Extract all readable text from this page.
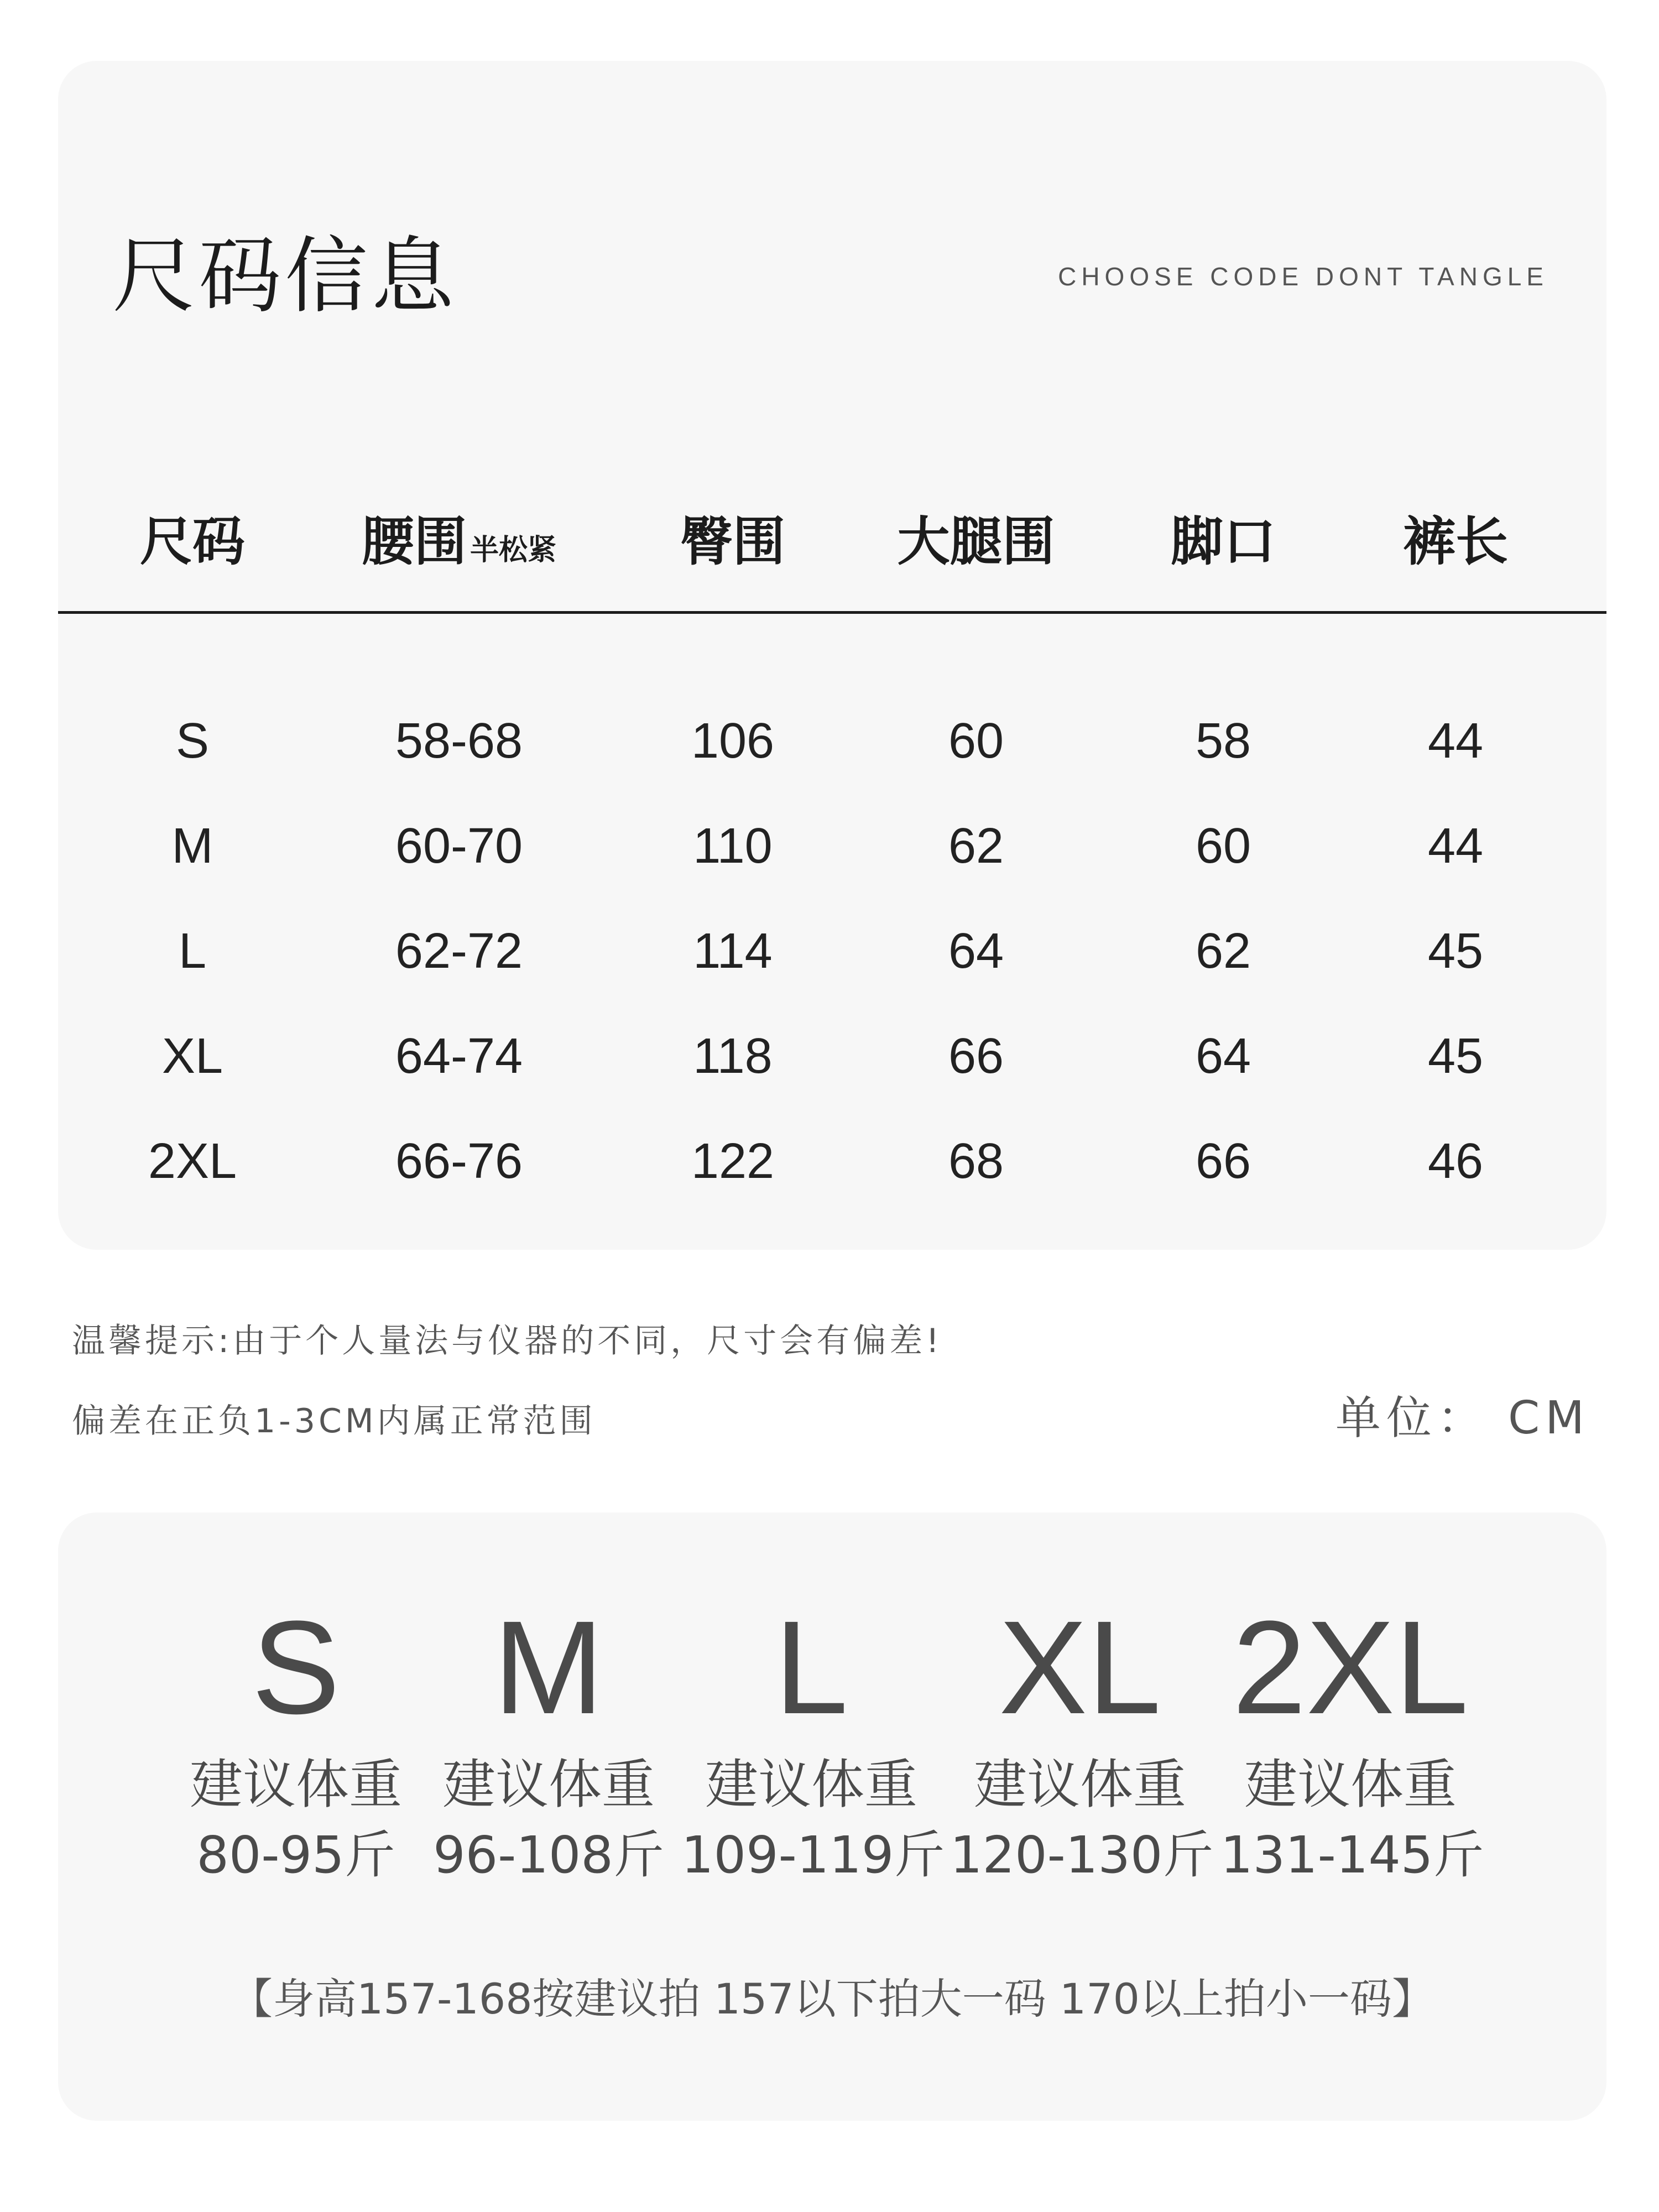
尺码信息	CHOOSE CODE DONT TANGLE
尺码 腰围 半松紧 臀围 大腿围 脚口 裤长
S	58-68	106	60	58	44
M	60-70	110	62	60	44
L	62-72	114	64	62	45
XL	64-74	118	66	64	45
2XL	66-76	122	68	66	46
温馨提示:由于个人量法与仪器的不同，尺寸会有偏差!
偏差在正负1-3CM内属正常范围	单位： CM
S
建议体重
80-95斤
M
建议体重
96-108斤
L
建议体重
109-119斤
XL
建议体重
120-130斤
2XL
建议体重
131-145斤
【身高157-168按建议拍 157以下拍大一码 170以上拍小一码】
